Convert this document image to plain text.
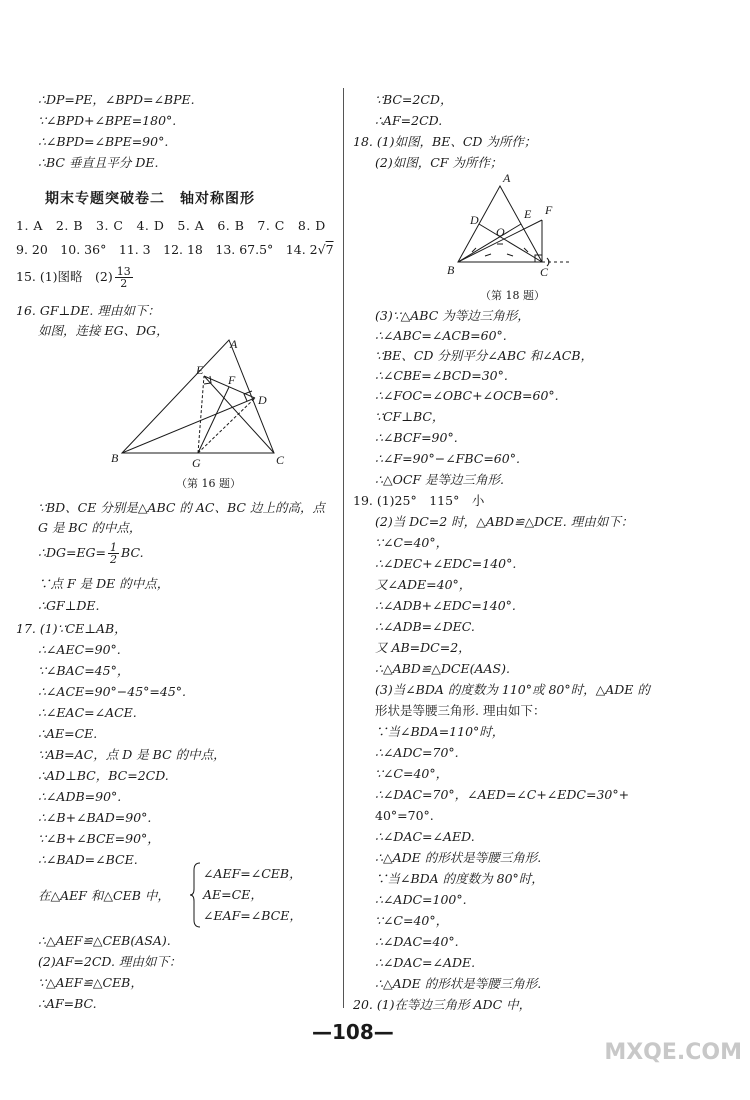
∴DP=PE，∠BPD=∠BPE.
∵∠BPD+∠BPE=180°.
∴∠BPD=∠BPE=90°.
∴BC 垂直且平分 DE.
期末专题突破卷二　轴对称图形
1. A　2. B　3. C　4. D　5. A　6. B　7. C　8. D
9. 20　10. 36°　11. 3　12. 18　13. 67.5°　14. 2√7
15. (1)图略　$(2) \frac{13}{2}$
16. GF⊥DE. 理由如下：
如图，连接 EG、DG，
A
E
F
D
B	G	C
（第 16 题）
∵BD、CE 分别是△ABC 的 AC、BC 边上的高，点
G 是 BC 的中点，
∴DG=EG= $\frac{1}{2}$ BC.
∵点 F 是 DE 的中点，
∴GF⊥DE.
17. (1)∵CE⊥AB，
∴∠AEC=90°.
∵∠BAC=45°，
∴∠ACE=90°−45°=45°.
∴∠EAC=∠ACE.
∴AE=CE.
∵AB=AC，点 D 是 BC 的中点，
∴AD⊥BC，BC=2CD.
∴∠ADB=90°.
∴∠B+∠BAD=90°.
∵∠B+∠BCE=90°，
∴∠BAD=∠BCE.
在△AEF 和△CEB 中，
∠AEF=∠CEB，
AE=CE，
∠EAF=∠BCE，
∴△AEF≌△CEB(ASA).
(2)AF=2CD. 理由如下：
∵△AEF≌△CEB，
∴AF=BC.
∵BC=2CD，
∴AF=2CD.
18. (1)如图，BE、CD 为所作；
(2)如图，CF 为所作；
A
D	E F
O
B	C
（第 18 题）
(3)∵△ABC 为等边三角形，
∴∠ABC=∠ACB=60°.
∵BE、CD 分别平分∠ABC 和∠ACB，
∴∠CBE=∠BCD=30°.
∴∠FOC=∠OBC+∠OCB=60°.
∵CF⊥BC，
∴∠BCF=90°.
∴∠F=90°−∠FBC=60°.
∴△OCF 是等边三角形.
19. (1)25°　115°　小
(2)当 DC=2 时，△ABD≌△DCE. 理由如下：
∵∠C=40°，
∴∠DEC+∠EDC=140°.
又∠ADE=40°，
∴∠ADB+∠EDC=140°.
∴∠ADB=∠DEC.
又 AB=DC=2，
∴△ABD≌△DCE(AAS).
(3)当∠BDA 的度数为 110°或 80°时，△ADE 的
形状是等腰三角形. 理由如下：
∵当∠BDA=110°时，
∴∠ADC=70°.
∵∠C=40°，
∴∠DAC=70°，∠AED=∠C+∠EDC=30°+
40°=70°.
∴∠DAC=∠AED.
∴△ADE 的形状是等腰三角形.
∵当∠BDA 的度数为 80°时，
∴∠ADC=100°.
∵∠C=40°，
∴∠DAC=40°.
∴∠DAC=∠ADE.
∴△ADE 的形状是等腰三角形.
20. (1)在等边三角形 ADC 中，
—108—
MXQE.COM
